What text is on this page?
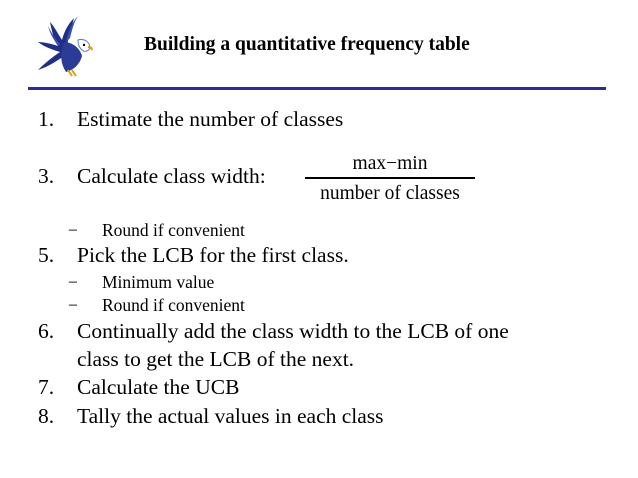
Building a quantitative frequency table
1. Estimate the number of classes
3. Calculate class width:
max−min
number of classes
− Round if convenient
5. Pick the LCB for the first class.
− Minimum value
− Round if convenient
6. Continually add the class width to the LCB of one
class to get the LCB of the next.
7. Calculate the UCB
8. Tally the actual values in each class
